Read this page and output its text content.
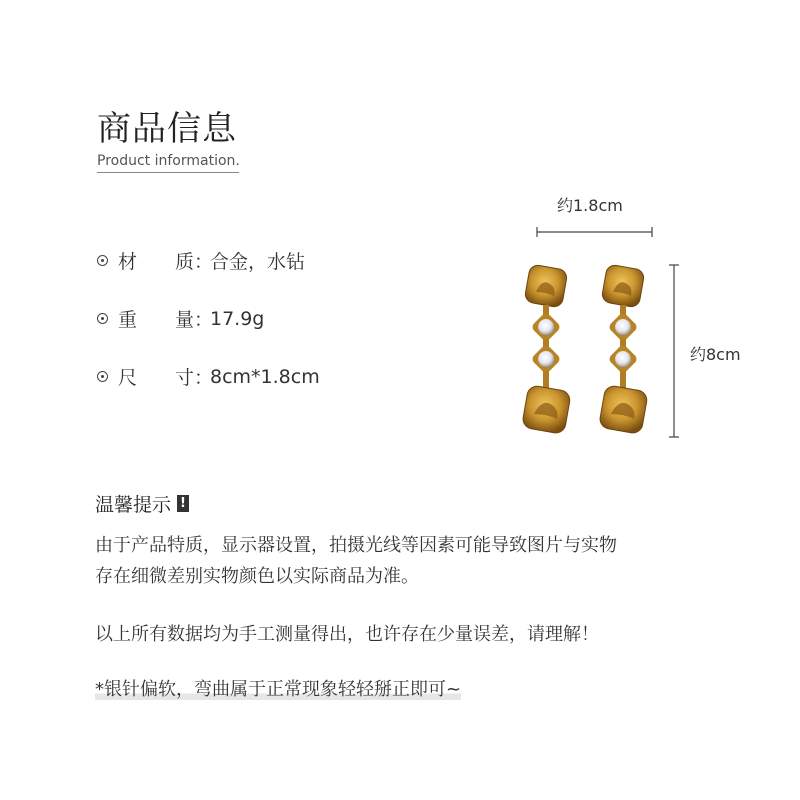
商品信息
Product information.
材　　质：
合金，水钻
重　　量：
17.9g
尺　　寸：
8cm*1.8cm
约1.8cm
约8cm
温馨提示 !
由于产品特质，显示器设置，拍摄光线等因素可能导致图片与实物
存在细微差别实物颜色以实际商品为准。
以上所有数据均为手工测量得出，也许存在少量误差，请理解！
*银针偏软，弯曲属于正常现象轻轻掰正即可~
